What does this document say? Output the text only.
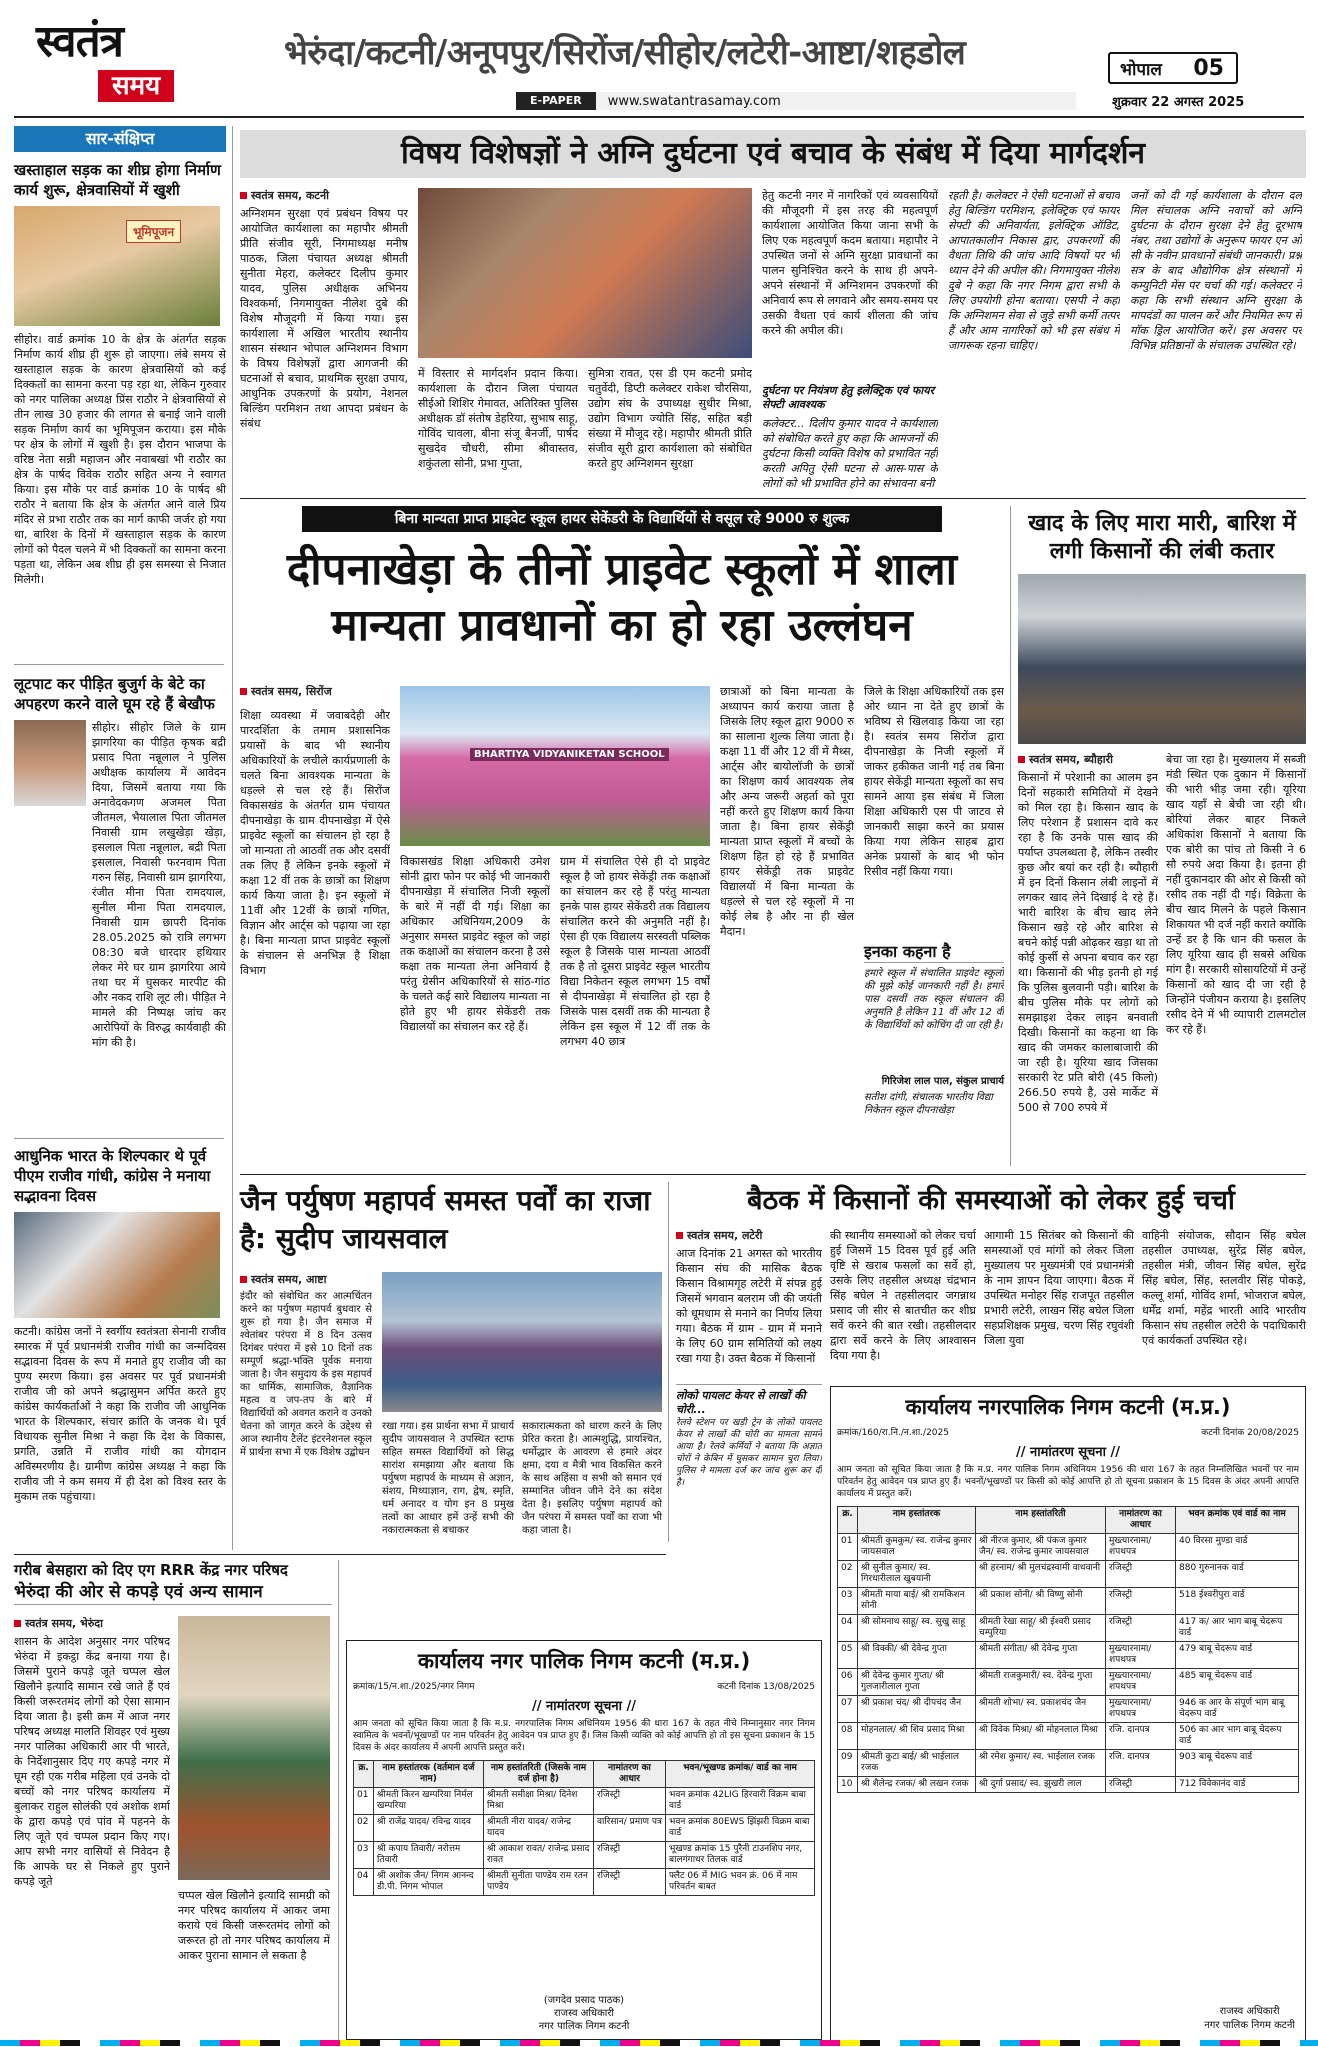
स्वतंत्र
समय
भेरुंदा/कटनी/अनूपपुर/सिरोंज/सीहोर/लटेरी-आष्टा/शहडोल
E-PAPER	www.swatantrasamay.com
भोपाल	05
शुक्रवार 22 अगस्त 2025
सार-संक्षिप्त
खस्ताहाल सड़क का शीघ्र होगा निर्माण कार्य शुरू, क्षेत्रवासियों में खुशी
भूमिपूजन
सीहोर। वार्ड क्रमांक 10 के क्षेत्र के अंतर्गत सड़क निर्माण कार्य शीघ्र ही शुरू हो जाएगा। लंबे समय से खस्ताहाल सड़क के कारण क्षेत्रवासियों को कई दिक्कतों का सामना करना पड़ रहा था, लेकिन गुरुवार को नगर पालिका अध्यक्ष प्रिंस राठौर ने क्षेत्रवासियों से तीन लाख 30 हजार की लागत से बनाई जाने वाली सड़क निर्माण कार्य का भूमिपूजन कराया। इस मौके पर क्षेत्र के लोगों में खुशी है। इस दौरान भाजपा के वरिष्ठ नेता सन्नी महाजन और नवाबखां भी राठौर का क्षेत्र के पार्षद विवेक राठौर सहित अन्य ने स्वागत किया। इस मौके पर वार्ड क्रमांक 10 के पार्षद श्री राठौर ने बताया कि क्षेत्र के अंतर्गत आने वाले प्रिय मंदिर से प्रभा राठौर तक का मार्ग काफी जर्जर हो गया था, बारिश के दिनों में खस्ताहाल सड़क के कारण लोगों को पैदल चलने में भी दिक्कतों का सामना करना पड़ता था, लेकिन अब शीघ्र ही इस समस्या से निजात मिलेगी।
लूटपाट कर पीड़ित बुजुर्ग के बेटे का अपहरण करने वाले घूम रहे हैं बेखौफ
सीहोर। सीहोर जिले के ग्राम झागरिया का पीड़ित कृषक बद्री प्रसाद पिता नन्नूलाल ने पुलिस अधीक्षक कार्यालय में आवेदन दिया, जिसमें बताया गया कि अनावेदकगण अजमल पिता जीतमल, भैयालाल पिता जीतमल निवासी ग्राम लखुखेड़ा खेड़ा, इसलाल पिता नन्नूलाल, बद्री पिता इसलाल, निवासी फरनवाम पिता गरुन सिंह, निवासी ग्राम झागरिया, रंजीत मीना पिता रामदयाल, सुनील मीना पिता रामदयाल, निवासी ग्राम छापरी दिनांक 28.05.2025 को रात्रि लगभग 08:30 बजे धारदार हथियार लेकर मेरे घर ग्राम झागरिया आये तथा घर में घुसकर मारपीट की और नकद राशि लूट ली। पीड़ित ने मामले की निष्पक्ष जांच कर आरोपियों के विरुद्ध कार्यवाही की मांग की है।
आधुनिक भारत के शिल्पकार थे पूर्व पीएम राजीव गांधी, कांग्रेस ने मनाया सद्भावना दिवस
कटनी। कांग्रेस जनों ने स्वर्गीय स्वतंत्रता सेनानी राजीव स्मारक में पूर्व प्रधानमंत्री राजीव गांधी का जन्मदिवस सद्भावना दिवस के रूप में मनाते हुए राजीव जी का पुण्य स्मरण किया। इस अवसर पर पूर्व प्रधानमंत्री राजीव जी को अपने श्रद्धासुमन अर्पित करते हुए कांग्रेस कार्यकर्ताओं ने कहा कि राजीव जी आधुनिक भारत के शिल्पकार, संचार क्रांति के जनक थे। पूर्व विधायक सुनील मिश्रा ने कहा कि देश के विकास, प्रगति, उन्नति में राजीव गांधी का योगदान अविस्मरणीय है। ग्रामीण कांग्रेस अध्यक्ष ने कहा कि राजीव जी ने कम समय में ही देश को विश्व स्तर के मुकाम तक पहुंचाया।
विषय विशेषज्ञों ने अग्नि दुर्घटना एवं बचाव के संबंध में दिया मार्गदर्शन
स्वतंत्र समय, कटनी
अग्निशमन सुरक्षा एवं प्रबंधन विषय पर आयोजित कार्यशाला का महापौर श्रीमती प्रीति संजीव सूरी, निगमाध्यक्ष मनीष पाठक, जिला पंचायत अध्यक्ष श्रीमती सुनीता मेहरा, कलेक्टर दिलीप कुमार यादव, पुलिस अधीक्षक अभिनय विश्वकर्मा, निगमायुक्त नीलेश दुबे की विशेष मौजूदगी में किया गया। इस कार्यशाला में अखिल भारतीय स्थानीय शासन संस्थान भोपाल अग्निशमन विभाग के विषय विशेषज्ञों द्वारा आगजनी की घटनाओं से बचाव, प्राथमिक सुरक्षा उपाय, आधुनिक उपकरणों के प्रयोग, नेशनल बिल्डिंग परमिशन तथा आपदा प्रबंधन के संबंध
में विस्तार से मार्गदर्शन प्रदान किया। कार्यशाला के दौरान जिला पंचायत सीईओ शिशिर गेमावत, अतिरिक्त पुलिस अधीक्षक डॉ संतोष डेहरिया, सुभाष साहू, गोविंद चावला, बीना संजू बैनर्जी, पार्षद सुखदेव चौधरी, सीमा श्रीवास्तव, शकुंतला सोनी, प्रभा गुप्ता,
सुमित्रा रावत, एस डी एम कटनी प्रमोद चतुर्वेदी, डिप्टी कलेक्टर राकेश चौरसिया, उद्योग संघ के उपाध्यक्ष सुधीर मिश्रा, उद्योग विभाग ज्योति सिंह, सहित बड़ी संख्या में मौजूद रहे। महापौर श्रीमती प्रीति संजीव सूरी द्वारा कार्यशाला को संबोधित करते हुए अग्निशमन सुरक्षा
हेतु कटनी नगर में नागरिकों एवं व्यवसायियों की मौजूदगी में इस तरह की महत्वपूर्ण कार्यशाला आयोजित किया जाना सभी के लिए एक महत्वपूर्ण कदम बताया। महापौर ने उपस्थित जनों से अग्नि सुरक्षा प्रावधानों का पालन सुनिश्चित करने के साथ ही अपने-अपने संस्थानों में अग्निशमन उपकरणों की अनिवार्य रूप से लगवाने और समय-समय पर उसकी वैधता एवं कार्य शीलता की जांच करने की अपील की।
दुर्घटना पर नियंत्रण हेतु इलेक्ट्रिक एवं फायर सेफ्टी आवश्यक
कलेक्टर... दिलीप कुमार यादव ने कार्यशाला को संबोधित करते हुए कहा कि आमजनों की दुर्घटना किसी व्यक्ति विशेष को प्रभावित नहीं करती अपितु ऐसी घटना से आस-पास के लोगों को भी प्रभावित होने का संभावना बनी
रहती है। कलेक्टर ने ऐसी घटनाओं से बचाव हेतु बिल्डिंग परमिशन, इलेक्ट्रिक एवं फायर सेफ्टी की अनिवार्यता, इलेक्ट्रिक ऑडिट, आपातकालीन निकास द्वार, उपकरणों की वैधता तिथि की जांच आदि विषयों पर भी ध्यान देने की अपील की। निगमायुक्त नीलेश दुबे ने कहा कि नगर निगम द्वारा सभी के लिए उपयोगी होना बताया। एसपी ने कहा कि अग्निशमन सेवा से जुड़े सभी कर्मी तत्पर हैं और आम नागरिकों को भी इस संबंध में जागरूक रहना चाहिए।
जनों को दी गई कार्यशाला के दौरान दल मिल संचालक अग्नि नवाचों को अग्नि दुर्घटना के दौरान सुरक्षा देने हेतु दूरभाष नंबर, तथा उद्योगों के अनुरूप फायर एन ओ सी के नवीन प्रावधानों संबंधी जानकारी। प्रश्न सत्र के बाद औद्योगिक क्षेत्र संस्थानों में कम्युनिटी मेंस पर चर्चा की गई। कलेक्टर ने कहा कि सभी संस्थान अग्नि सुरक्षा के मापदंडों का पालन करें और नियमित रूप से मॉक ड्रिल आयोजित करें। इस अवसर पर विभिन्न प्रतिष्ठानों के संचालक उपस्थित रहे।
बिना मान्यता प्राप्त प्राइवेट स्कूल हायर सेकेंडरी के विद्यार्थियों से वसूल रहे 9000 रु शुल्क
दीपनाखेड़ा के तीनों प्राइवेट स्कूलों में शाला मान्यता प्रावधानों का हो रहा उल्लंघन
स्वतंत्र समय, सिरोंज
BHARTIYA VIDYANIKETAN SCHOOL
शिक्षा व्यवस्था में जवाबदेही और पारदर्शिता के तमाम प्रशासनिक प्रयासों के बाद भी स्थानीय अधिकारियों के लचीले कार्यप्रणाली के चलते बिना आवश्यक मान्यता के धड़ल्ले से चल रहे हैं। सिरोंज विकासखंड के अंतर्गत ग्राम पंचायत दीपनाखेड़ा के ग्राम दीपनाखेड़ा में ऐसे प्राइवेट स्कूलों का संचालन हो रहा है जो मान्यता तो आठवीं तक और दसवीं तक लिए हैं लेकिन इनके स्कूलों में कक्षा 12 वीं तक के छात्रों का शिक्षण कार्य किया जाता है। इन स्कूलों में 11वीं और 12वीं के छात्रों गणित, विज्ञान और आर्ट्स को पढ़ाया जा रहा है। बिना मान्यता प्राप्त प्राइवेट स्कूलों के संचालन से अनभिज्ञ है शिक्षा विभाग
विकासखंड शिक्षा अधिकारी उमेश सोनी द्वारा फोन पर कोई भी जानकारी दीपनाखेड़ा में संचालित निजी स्कूलों के बारे में नहीं दी गई। शिक्षा का अधिकार अधिनियम,2009 के अनुसार समस्त प्राइवेट स्कूल को जहां तक कक्षाओं का संचालन करना है उसे कक्षा तक मान्यता लेना अनिवार्य है परंतु ग्रेसीन अधिकारियों से सांठ-गांठ के चलते कई सारे विद्यालय मान्यता ना होते हुए भी हायर सेकेंडरी तक विद्यालयों का संचालन कर रहे हैं।
ग्राम में संचालित ऐसे ही दो प्राइवेट स्कूल है जो हायर सेकेंड्री तक कक्षाओं का संचालन कर रहे हैं परंतु मान्यता इनके पास हायर सेकेंडरी तक विद्यालय संचालित करने की अनुमति नहीं है। ऐसा ही एक विद्यालय सरस्वती पब्लिक स्कूल है जिसके पास मान्यता आठवीं तक है तो दूसरा प्राइवेट स्कूल भारतीय विद्या निकेतन स्कूल लगभग 15 वर्षों से दीपनाखेड़ा में संचालित हो रहा है जिसके पास दसवीं तक की मान्यता है लेकिन इस स्कूल में 12 वीं तक के लगभग 40 छात्र
छात्राओं को बिना मान्यता के अध्यापन कार्य कराया जाता है जिसके लिए स्कूल द्वारा 9000 रु का सालाना शुल्क लिया जाता है। कक्षा 11 वीं और 12 वीं में मैथ्स, आर्ट्स और बायोलॉजी के छात्रों का शिक्षण कार्य आवश्यक लेब और अन्य जरूरी अहर्ता को पूरा नहीं करते हुए शिक्षण कार्य किया जाता है। बिना हायर सेकेंड्री मान्यता प्राप्त स्कूलों में बच्चों के शिक्षण हित हो रहे हैं प्रभावित हायर सेकेंड्री तक प्राइवेट विद्यालयों में बिना मान्यता के धड़ल्ले से चल रहे स्कूलों में ना कोई लेब है और ना ही खेल मैदान।
जिले के शिक्षा अधिकारियों तक इस ओर ध्यान ना देते हुए छात्रों के भविष्य से खिलवाड़ किया जा रहा है। स्वतंत्र समय सिरोंज द्वारा दीपनाखेड़ा के निजी स्कूलों में जाकर हकीकत जानी गई तब बिना हायर सेकेंड्री मान्यता स्कूलों का सच सामने आया इस संबंध में जिला शिक्षा अधिकारी एस पी जाटव से जानकारी साझा करने का प्रयास किया गया लेकिन साहब द्वारा अनेक प्रयासों के बाद भी फोन रिसीव नहीं किया गया।
इनका कहना है
हमारे स्कूल में संचालित प्राइवेट स्कूलों की मुझे कोई जानकारी नहीं है। हमारे पास दसवीं तक स्कूल संचालन की अनुमति है लेकिन 11 वीं और 12 वीं के विद्यार्थियों को कोचिंग दी जा रही है।
गिरिजेश लाल पाल, संकुल प्राचार्य
सतीश दांगी, संचालक भारतीय विद्या निकेतन स्कूल दीपनाखेड़ा
खाद के लिए मारा मारी, बारिश में लगी किसानों की लंबी कतार
स्वतंत्र समय, ब्यौहारी
किसानों में परेशानी का आलम इन दिनों सहकारी समितियों में देखने को मिल रहा है। किसान खाद के लिए परेशान हैं प्रशासन दावे कर रहा है कि उनके पास खाद की पर्याप्त उपलब्धता है, लेकिन तस्वीर कुछ और बयां कर रही है। ब्यौहारी में इन दिनों किसान लंबी लाइनों में लगकर खाद लेने दिखाई दे रहे हैं। भारी बारिश के बीच खाद लेने किसान खड़े रहे और बारिश से बचने कोई पन्नी ओढ़कर खड़ा था तो कोई कुर्सी से अपना बचाव कर रहा था। किसानों की भीड़ इतनी हो गई कि पुलिस बुलवानी पड़ी। बारिश के बीच पुलिस मौके पर लोगों को समझाइश देकर लाइन बनवाती दिखी। किसानों का कहना था कि खाद की जमकर कालाबाजारी की जा रही है। यूरिया खाद जिसका सरकारी रेट प्रति बोरी (45 किलो) 266.50 रुपये है, उसे मार्केट में 500 से 700 रुपये में
बेचा जा रहा है। मुख्यालय में सब्जी मंडी स्थित एक दुकान में किसानों की भारी भीड़ जमा रही। यूरिया खाद यहाँ से बेची जा रही थी। बोरियां लेकर बाहर निकले अधिकांश किसानों ने बताया कि एक बोरी का पांच तो किसी ने 6 सौ रुपये अदा किया है। इतना ही नहीं दुकानदार की ओर से किसी को रसीद तक नहीं दी गई। विक्रेता के बीच खाद मिलने के पहले किसान शिकायत भी दर्ज नहीं कराते क्योंकि उन्हें डर है कि धान की फसल के लिए यूरिया खाद ही सबसे अधिक मांग है। सरकारी सोसायटियों में उन्हें किसानों को खाद दी जा रही है जिन्होंने पंजीयन कराया है। इसलिए रसीद देने में भी व्यापारी टालमटोल कर रहे हैं।
जैन पर्युषण महापर्व समस्त पर्वों का राजा है: सुदीप जायसवाल
स्वतंत्र समय, आष्टा
इंदौर को संबोधित कर आत्मचिंतन करने का पर्युषण महापर्व बुधवार से शुरू हो गया है। जैन समाज में श्वेतांबर परंपरा में 8 दिन उत्सव दिगंबर परंपरा में इसे 10 दिनों तक सम्पूर्ण श्रद्धा-भक्ति पूर्वक मनाया जाता है। जैन समुदाय के इस महापर्व का धार्मिक, सामाजिक, वैज्ञानिक महत्व व जप-तप के बारे में विद्यार्थियों को अवगत कराने व उनको चेतना को जागृत करने के उद्देश्य से आज स्थानीय टैलेंट इंटरनेशनल स्कूल में प्रार्थना सभा में एक विशेष उद्बोधन
रखा गया। इस प्रार्थना सभा में प्राचार्य सुदीप जायसवाल ने उपस्थित स्टाफ सहित समस्त विद्यार्थियों को सिद्ध सारांश समझाया और बताया कि पर्युषण महापर्व के माध्यम से अज्ञान, संशय, मिथ्याज्ञान, राग, द्वेष, स्मृति, धर्म अनादर व योग इन 8 प्रमुख तत्वों का आधार हमें उन्हें सभी की नकारात्मकता से बचाकर
सकारात्मकता को धारण करने के लिए प्रेरित करता है। आत्मशुद्धि, प्रायश्चित, धर्मोद्धार के आवरण से हमारे अंदर क्षमा, दया व मैत्री भाव विकसित करने के साथ अहिंसा व सभी को समान एवं सम्मानित जीवन जीने देने का संदेश देता है। इसलिए पर्युषण महापर्व को जैन परंपरा में समस्त पर्वों का राजा भी कहा जाता है।
बैठक में किसानों की समस्याओं को लेकर हुई चर्चा
स्वतंत्र समय, लटेरी
आज दिनांक 21 अगस्त को भारतीय किसान संघ की मासिक बैठक किसान विश्रामगृह लटेरी में संपन्न हुई जिसमें भगवान बलराम जी की जयंती को धूमधाम से मनाने का निर्णय लिया गया। बैठक में ग्राम - ग्राम में मनाने के लिए 60 ग्राम समितियों को लक्ष्य रखा गया है। उक्त बैठक में किसानों
की स्थानीय समस्याओं को लेकर चर्चा हुई जिसमें 15 दिवस पूर्व हुई अति वृष्टि से खराब फसलों का सर्वे हो, उसके लिए तहसील अध्यक्ष चंद्रभान सिंह बघेल ने तहसीलदार जगन्नाथ प्रसाद जी सीर से बातचीत कर शीघ्र सर्वे करने की बात रखी। तहसीलदार द्वारा सर्वे करने के लिए आश्वासन दिया गया है।
आगामी 15 सितंबर को किसानों की समस्याओं एवं मांगों को लेकर जिला मुख्यालय पर मुख्यमंत्री एवं प्रधानमंत्री के नाम ज्ञापन दिया जाएगा। बैठक में उपस्थित मनोहर सिंह राजपूत तहसील प्रभारी लटेरी, लाखन सिंह बघेल जिला सहप्रशिक्षक प्रमुख, चरण सिंह रघुवंशी जिला युवा
वाहिनी संयोजक, सौदान सिंह बघेल तहसील उपाध्यक्ष, सुरेंद्र सिंह बघेल, तहसील मंत्री, जीवन सिंह बघेल, सुरेंद्र सिंह बघेल, सिंह, स्तलवीर सिंह पोकड़े, कल्लू शर्मा, गोविंद शर्मा, भोजराज बघेल, धर्मेंद्र शर्मा, महेंद्र भारती आदि भारतीय किसान संघ तहसील लटेरी के पदाधिकारी एवं कार्यकर्ता उपस्थित रहे।
लोको पायलट केयर से लाखों की चोरी...
रेलवे स्टेशन पर खड़ी ट्रेन के लोको पायलट केयर से लाखों की चोरी का मामला सामने आया है। रेलवे कर्मियों ने बताया कि अज्ञात चोरों ने केबिन में घुसकर सामान चुरा लिया। पुलिस ने मामला दर्ज कर जांच शुरू कर दी है।
कार्यालय नगरपालिक निगम कटनी (म.प्र.)
क्रमांक/160/रा.नि./न.शा./2025	कटनी दिनांक 20/08/2025
// नामांतरण सूचना //
आम जनता को सूचित किया जाता है कि म.प्र. नगर पालिक निगम अधिनियम 1956 की धारा 167 के तहत निम्नलिखित भवनों पर नाम परिवर्तन हेतु आवेदन पत्र प्राप्त हुए हैं। भवनों/भूखण्डों पर किसी को कोई आपत्ति हो तो सूचना प्रकाशन के 15 दिवस के अंदर अपनी आपत्ति कार्यालय में प्रस्तुत करें।
क्र.	नाम हस्तांतरक	नाम हस्तांतरिती	नामांतरण का आधार	भवन क्रमांक एवं वार्ड का नाम
01	श्रीमती कुमकुम/ स्व. राजेन्द्र कुमार जायसवाल	श्री नीरज कुमार, श्री पंकज कुमार जैन/ स्व. राजेन्द्र कुमार जायसवाल	मुख्त्यारनामा/ शपथपत्र	40 विरसा मुण्डा वार्ड
02	श्री सुनील कुमार/ स्व. गिरधारीलाल खुबयानी	श्री हरनाम/ श्री मुलचंद्रस्वामी वाधवानी	रजिस्ट्री	880 गुरुनानक वार्ड
03	श्रीमती माया बाई/ श्री रामकिशन सोनी	श्री प्रकाश सोनी/ श्री विष्णु सोनी	रजिस्ट्री	518 ईश्वरीपुरा वार्ड
04	श्री सोमनाथ साहू/ स्व. सुखु साहू	श्रीमती रेखा साहू/ श्री ईश्वरी प्रसाद चम्पुरिया	रजिस्ट्री	417 क/ आर भाग बाबू चेदरूप वार्ड
05	श्री विक्की/ श्री देवेन्द्र गुप्ता	श्रीमती संगीता/ श्री देवेन्द्र गुप्ता	मुख्त्यारनामा/ शपथपत्र	479 बाबू चेदरूप वार्ड
06	श्री देवेन्द्र कुमार गुप्ता/ श्री गुलजारीलाल गुप्ता	श्रीमती राजकुमारी/ स्व. देवेन्द्र गुप्ता	मुख्त्यारनामा/ शपथपत्र	485 बाबू चेदरूप वार्ड
07	श्री प्रकाश चंद/ श्री दीपचंद जैन	श्रीमती शोभा/ स्व. प्रकाशचंद जैन	मुख्त्यारनामा/ शपथपत्र	946 क आर के संपूर्ण भाग बाबू चेदरूप वार्ड
08	मोहनलाल/ श्री शिव प्रसाद मिश्रा	श्री विवेक मिश्रा/ श्री मोहनलाल मिश्रा	रजि. दानपत्र	506 का आर भाग बाबू चेदरूप वार्ड
09	श्रीमती कुटा बाई/ श्री भाईलाल रजक	श्री रमेश कुमार/ स्व. भाईलाल रजक	रजि. दानपत्र	903 बाबू चेदरूप वार्ड
10	श्री शैलेन्द्र रजक/ श्री लखन रजक	श्री दुर्गा प्रसाद/ स्व. झुखरी लाल	रजिस्ट्री	712 विवेकानंद वार्ड
राजस्व अधिकारी
नगर पालिक निगम कटनी
गरीब बेसहारा को दिए एग RRR केंद्र नगर परिषद
भेरुंदा की ओर से कपड़े एवं अन्य सामान
स्वतंत्र समय, भेरुंदा
शासन के आदेश अनुसार नगर परिषद भेरुंदा में इकट्ठा केंद्र बनाया गया है। जिसमें पुराने कपड़े जूते चप्पल खेल खिलौने इत्यादि सामान रखे जाते हैं एवं किसी जरूरतमंद लोगों को ऐसा सामान दिया जाता है। इसी क्रम में आज नगर परिषद अध्यक्ष मालति शिवहर एवं मुख्य नगर पालिका अधिकारी आर पी भारते, के निर्देशानुसार दिए गए कपड़े नगर में घूम रही एक गरीब महिला एवं उनके दो बच्चों को नगर परिषद कार्यालय में बुलाकर राहुल सोलंकी एवं अशोक शर्मा के द्वारा कपड़े एवं पांव में पहनने के लिए जूते एवं चप्पल प्रदान किए गए। आप सभी नगर वासियों से निवेदन है कि आपके घर से निकले हुए पुराने कपड़े जूते
चप्पल खेल खिलौने इत्यादि सामग्री को नगर परिषद कार्यालय में आकर जमा कराये एवं किसी जरूरतमंद लोगों को जरूरत हो तो नगर परिषद कार्यालय में आकर पुराना सामान ले सकता है
कार्यालय नगर पालिक निगम कटनी (म.प्र.)
क्रमांक/15/न.शा./2025/नगर निगम	कटनी दिनांक 13/08/2025
// नामांतरण सूचना //
आम जनता को सूचित किया जाता है कि म.प्र. नगरपालिक निगम अधिनियम 1956 की धारा 167 के तहत नीचे निम्नानुसार नगर निगम स्वामित्व के भवनों/भूखण्डों पर नाम परिवर्तन हेतु आवेदन पत्र प्राप्त हुए हैं। जिस किसी व्यक्ति को कोई आपत्ति हो तो इस सूचना प्रकाशन के 15 दिवस के अंदर कार्यालय में अपनी आपत्ति प्रस्तुत करें।
क्र.	नाम हस्तांतरक (वर्तमान दर्ज नाम)	नाम हस्तांतरिती (जिसके नाम दर्ज होना है)	नामांतरण का आधार	भवन/भूखण्ड क्रमांक/ वार्ड का नाम
01	श्रीमती किरन खम्परिया निर्मल खम्परिया	श्रीमती समीक्षा मिश्रा/ दिनेश मिश्रा	रजिस्ट्री	भवन क्रमांक 42LIG हिरवारी विक्रम बाबा वार्ड
02	श्री राजेंद्र यादव/ रविन्द्र यादव	श्रीमती नीरा यादव/ राजेन्द्र यादव	वारिसान/ प्रमाण पत्र	भवन क्रमांक 80EWS झिंझरी विक्रम बाबा वार्ड
03	श्री कपाय तिवारी/ नरोत्तम तिवारी	श्री आकाश रावत/ राजेन्द्र प्रसाद रावत	रजिस्ट्री	भूखण्ड क्रमांक 15 पुरैनी टाउनशिप नगर, बालगंगाधर तिलक वार्ड
04	श्री अशोक जैन/ निगम आनन्द डी.पी. निगम भोपाल	श्रीमती सुनीता पाण्डेय राम रतन पाण्डेय	रजिस्ट्री	फ्लैट 06 में MIG भवन क्रं. 06 में नाम परिवर्तन बाबत
(जगदेव प्रसाद पाठक)
राजस्व अधिकारी
नगर पालिक निगम कटनी
